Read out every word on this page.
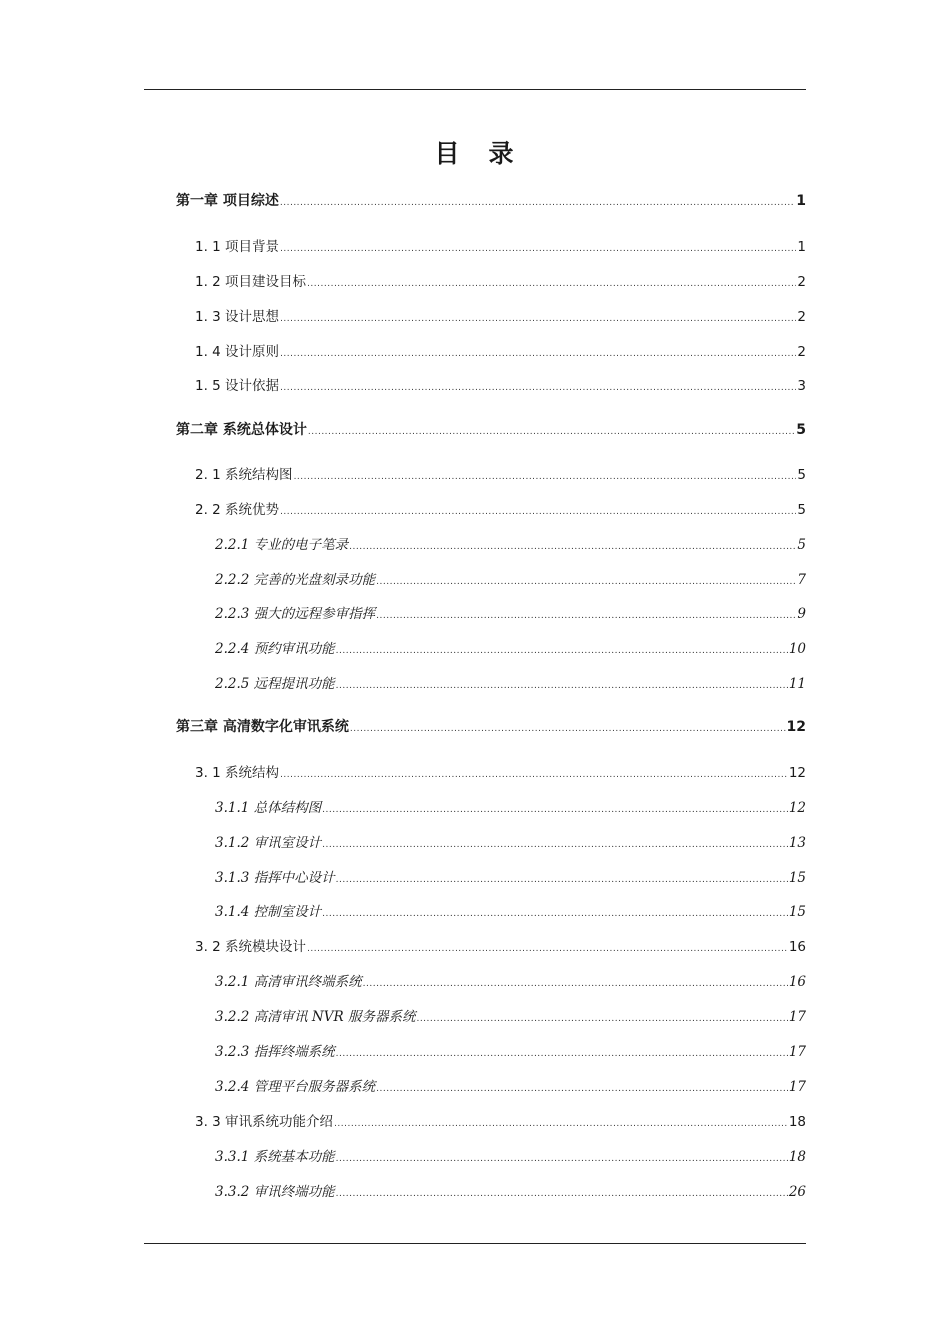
目　录
第一章 项目综述 .....	1
1. 1 项目背景 .....	1
1. 2 项目建设目标 .....	2
1. 3 设计思想 .....	2
1. 4 设计原则 .....	2
1. 5 设计依据 .....	3
第二章 系统总体设计 .....	5
2. 1 系统结构图 .....	5
2. 2 系统优势 .....	5
2.2.1 专业的电子笔录 .....	5
2.2.2 完善的光盘刻录功能 .....	7
2.2.3 强大的远程参审指挥 .....	9
2.2.4 预约审讯功能 .....	10
2.2.5 远程提讯功能 .....	11
第三章 高清数字化审讯系统 .....	12
3. 1 系统结构 .....	12
3.1.1 总体结构图 .....	12
3.1.2 审讯室设计 .....	13
3.1.3 指挥中心设计 .....	15
3.1.4 控制室设计 .....	15
3. 2 系统模块设计 .....	16
3.2.1 高清审讯终端系统 .....	16
3.2.2 高清审讯 NVR 服务器系统 .....	17
3.2.3 指挥终端系统 .....	17
3.2.4 管理平台服务器系统 .....	17
3. 3 审讯系统功能介绍 .....	18
3.3.1 系统基本功能 .....	18
3.3.2 审讯终端功能 .....	26
